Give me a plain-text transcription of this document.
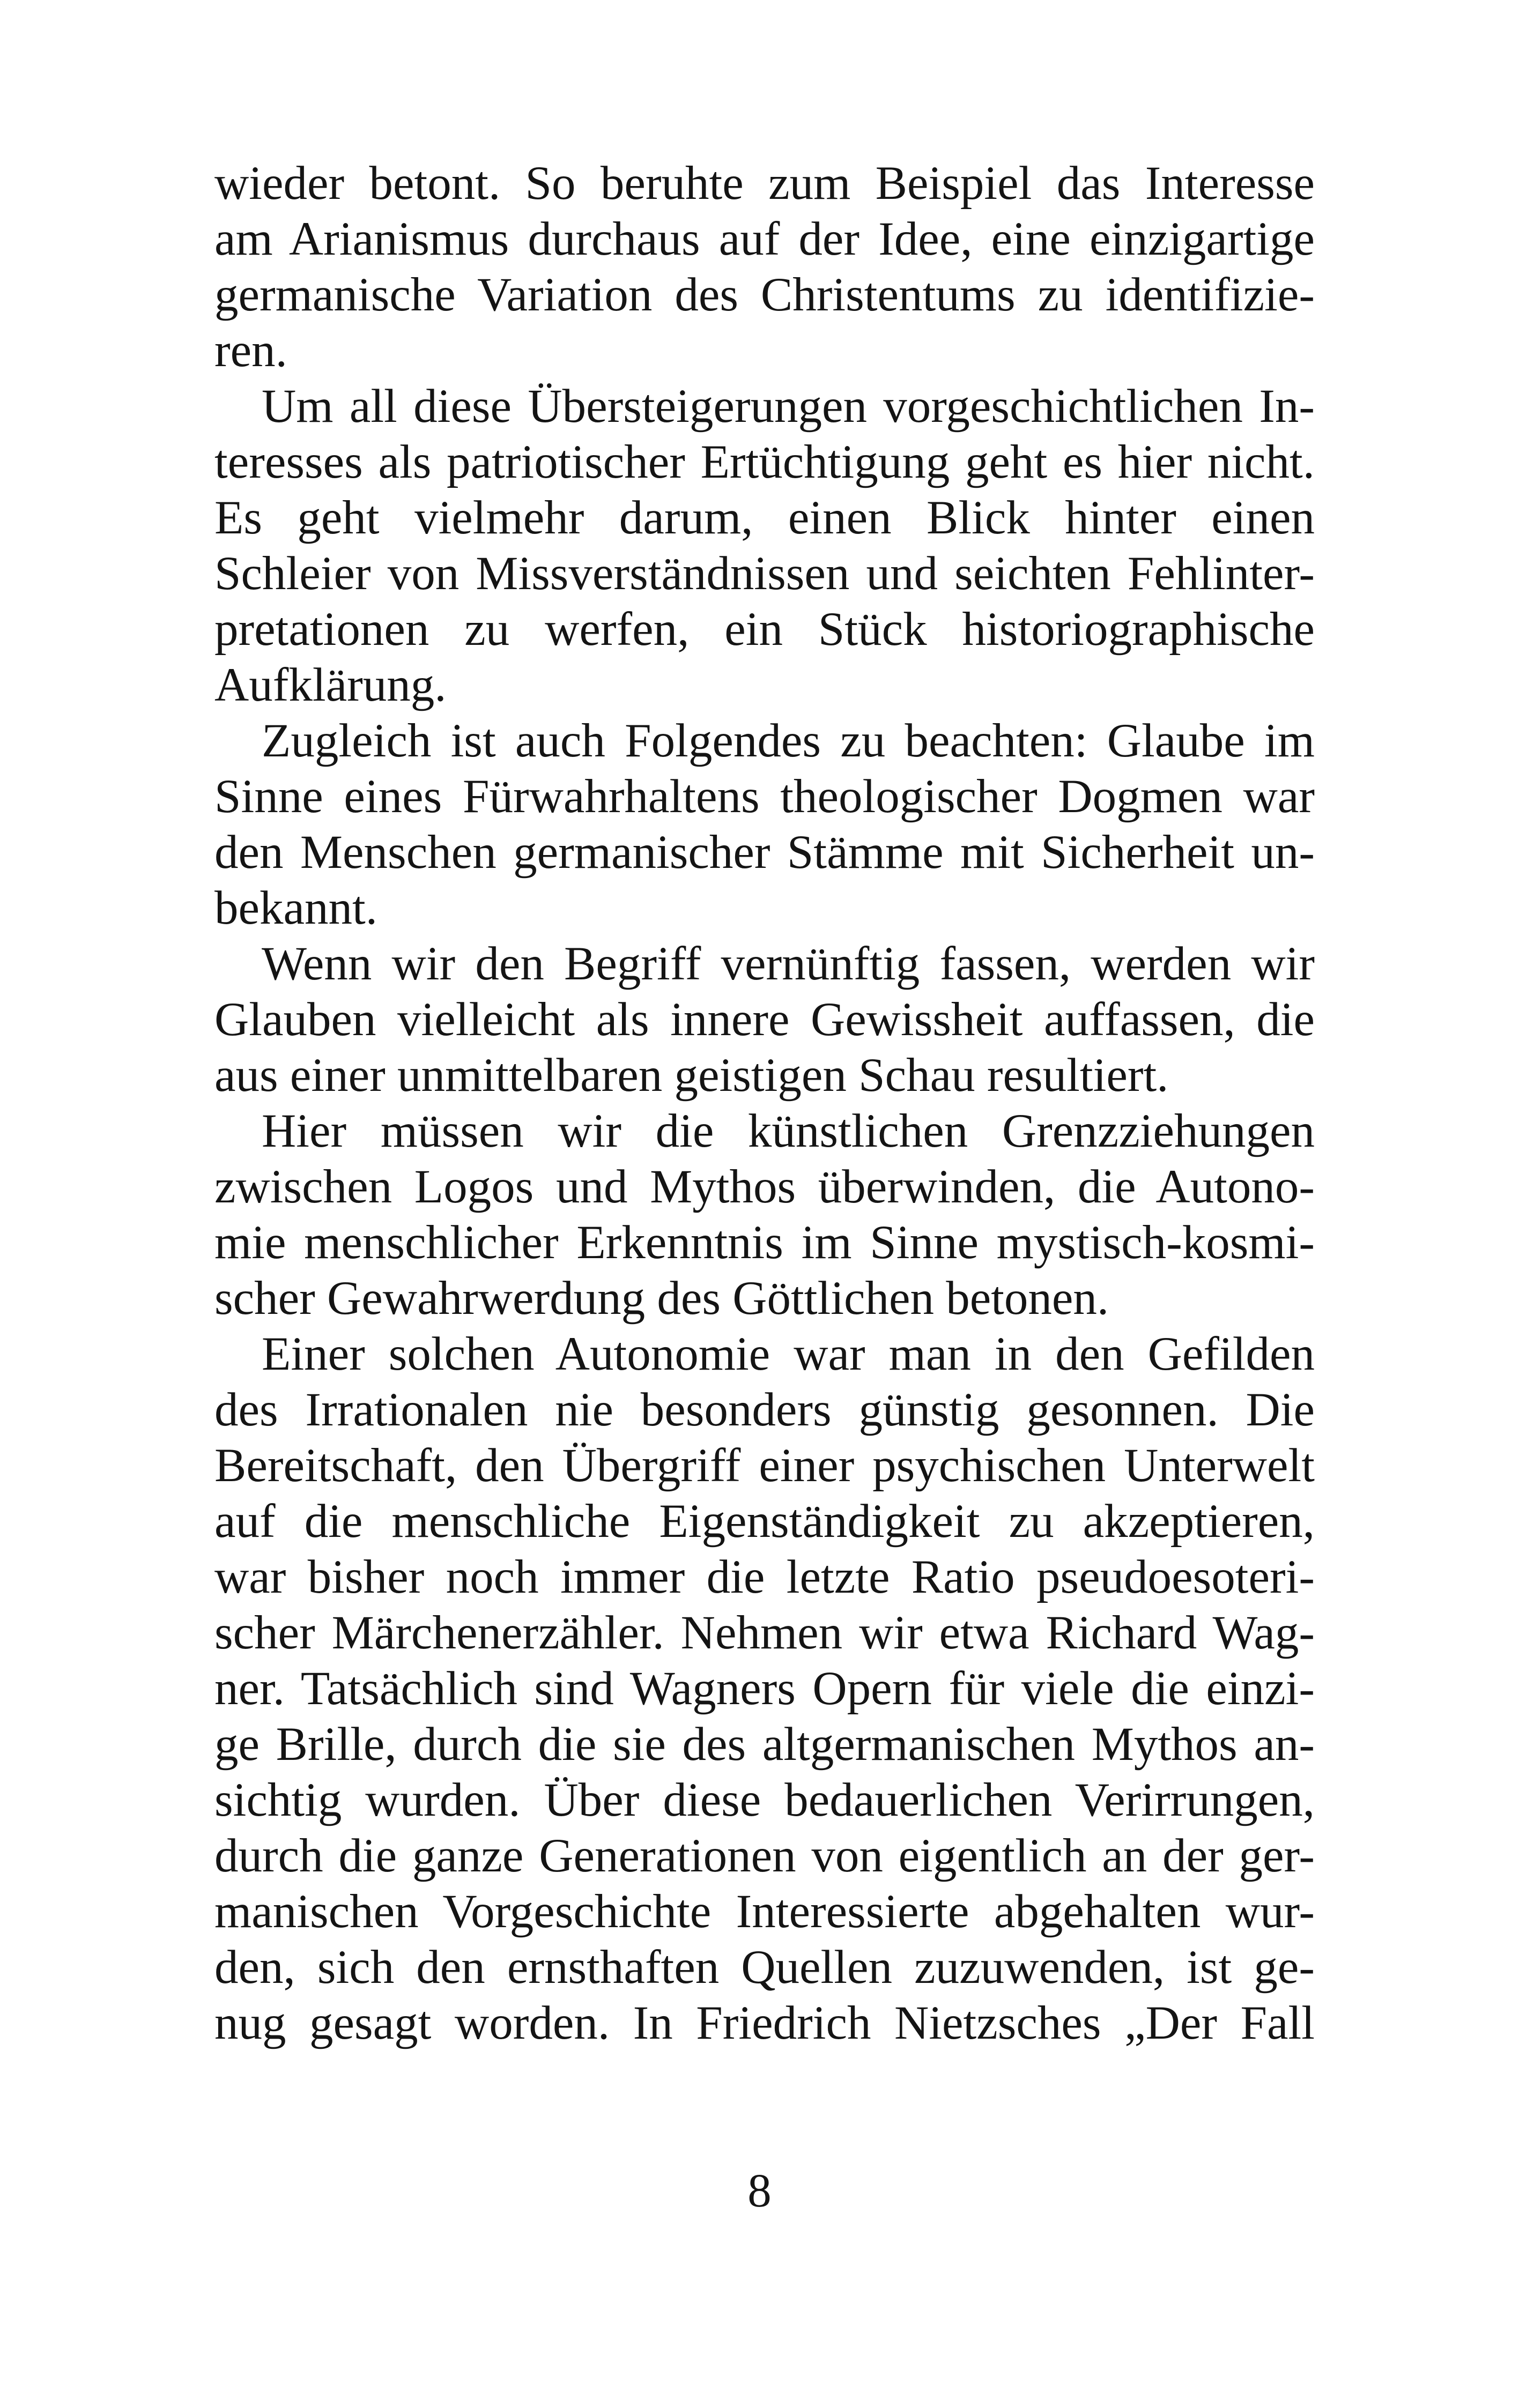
wieder betont. So beruhte zum Beispiel das Interesse
am Arianismus durchaus auf der Idee, eine einzigartige
germanische Variation des Christentums zu identifizie-
ren.
Um all diese Übersteigerungen vorgeschichtlichen In-
teresses als patriotischer Ertüchtigung geht es hier nicht.
Es geht vielmehr darum, einen Blick hinter einen
Schleier von Missverständnissen und seichten Fehlinter-
pretationen zu werfen, ein Stück historiographische
Aufklärung.
Zugleich ist auch Folgendes zu beachten: Glaube im
Sinne eines Fürwahrhaltens theologischer Dogmen war
den Menschen germanischer Stämme mit Sicherheit un-
bekannt.
Wenn wir den Begriff vernünftig fassen, werden wir
Glauben vielleicht als innere Gewissheit auffassen, die
aus einer unmittelbaren geistigen Schau resultiert.
Hier müssen wir die künstlichen Grenzziehungen
zwischen Logos und Mythos überwinden, die Autono-
mie menschlicher Erkenntnis im Sinne mystisch-kosmi-
scher Gewahrwerdung des Göttlichen betonen.
Einer solchen Autonomie war man in den Gefilden
des Irrationalen nie besonders günstig gesonnen. Die
Bereitschaft, den Übergriff einer psychischen Unterwelt
auf die menschliche Eigenständigkeit zu akzeptieren,
war bisher noch immer die letzte Ratio pseudoesoteri-
scher Märchenerzähler. Nehmen wir etwa Richard Wag-
ner. Tatsächlich sind Wagners Opern für viele die einzi-
ge Brille, durch die sie des altgermanischen Mythos an-
sichtig wurden. Über diese bedauerlichen Verirrungen,
durch die ganze Generationen von eigentlich an der ger-
manischen Vorgeschichte Interessierte abgehalten wur-
den, sich den ernsthaften Quellen zuzuwenden, ist ge-
nug gesagt worden. In Friedrich Nietzsches „Der Fall
8
